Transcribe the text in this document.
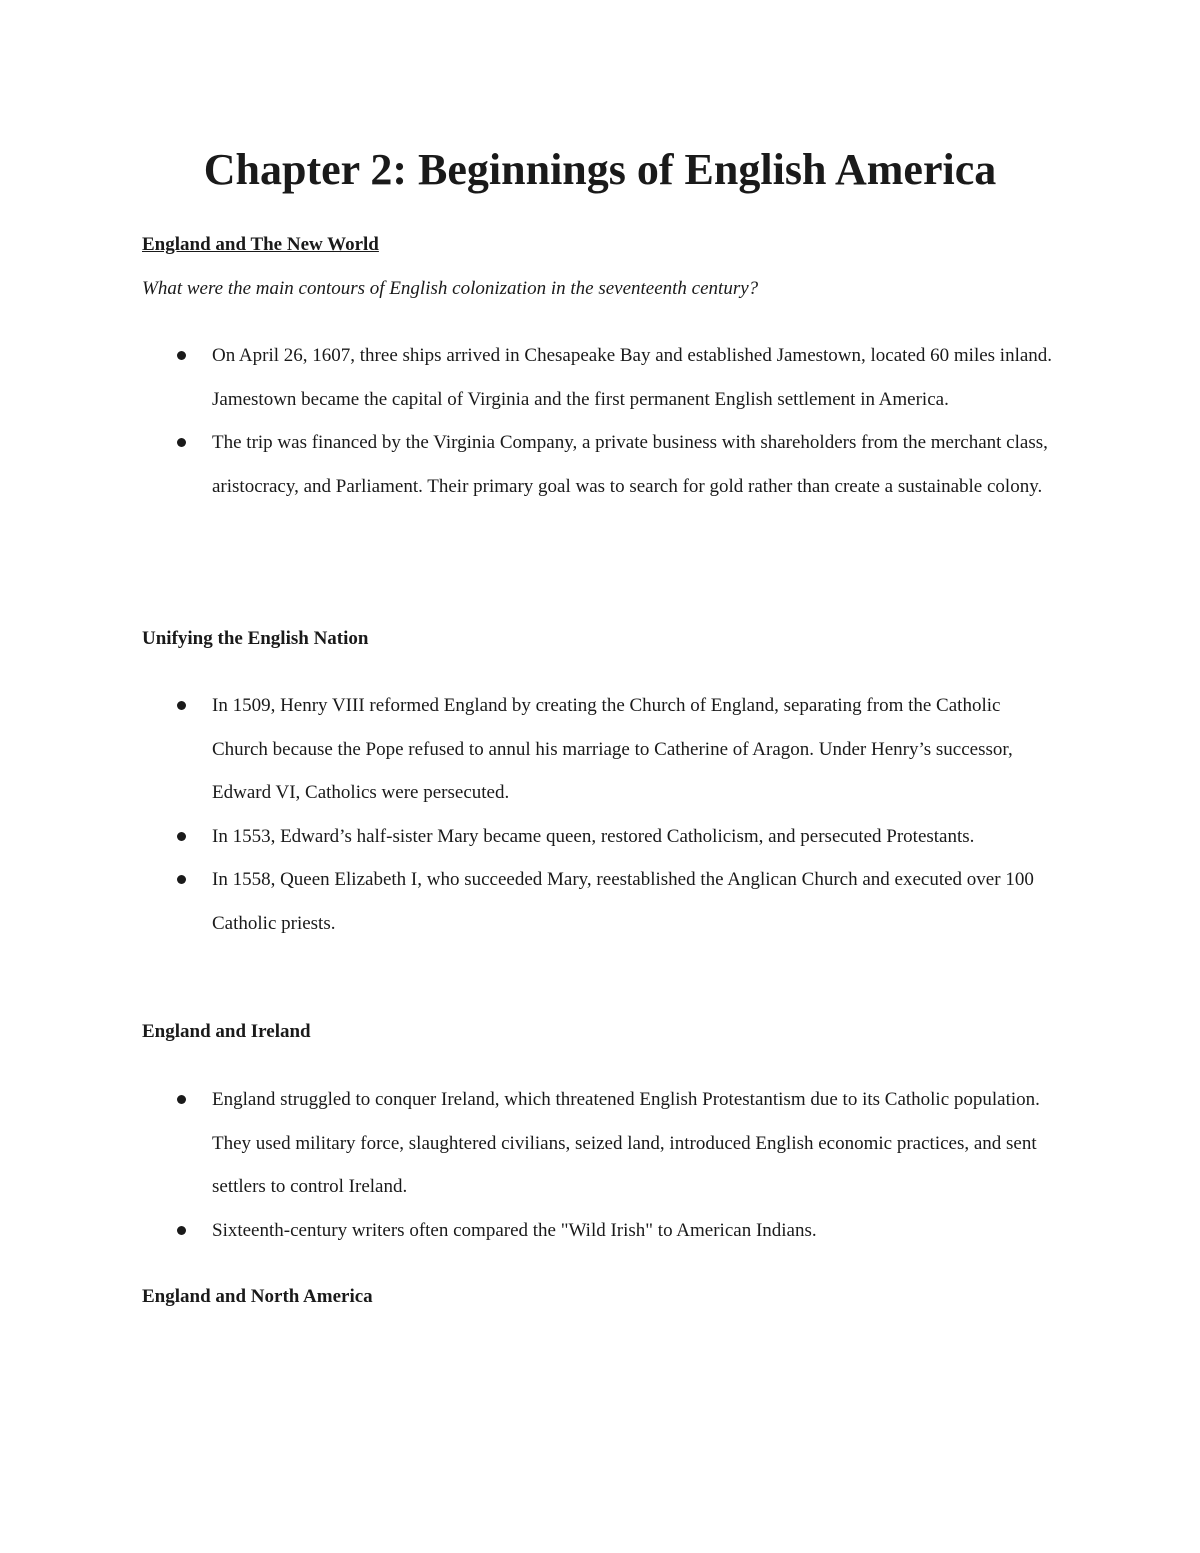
Chapter 2: Beginnings of English America
England and The New World

What were the main contours of English colonization in the seventeenth century?

On April 26, 1607, three ships arrived in Chesapeake Bay and established Jamestown, located 60 miles inland. Jamestown became the capital of Virginia and the first permanent English settlement in America.
The trip was financed by the Virginia Company, a private business with shareholders from the merchant class, aristocracy, and Parliament. Their primary goal was to search for gold rather than create a sustainable colony.
Unifying the English Nation
In 1509, Henry VIII reformed England by creating the Church of England, separating from the Catholic Church because the Pope refused to annul his marriage to Catherine of Aragon. Under Henry’s successor, Edward VI, Catholics were persecuted.
In 1553, Edward’s half-sister Mary became queen, restored Catholicism, and persecuted Protestants.
In 1558, Queen Elizabeth I, who succeeded Mary, reestablished the Anglican Church and executed over 100 Catholic priests.
England and Ireland
England struggled to conquer Ireland, which threatened English Protestantism due to its Catholic population. They used military force, slaughtered civilians, seized land, introduced English economic practices, and sent settlers to control Ireland.
Sixteenth-century writers often compared the "Wild Irish" to American Indians.
England and North America
